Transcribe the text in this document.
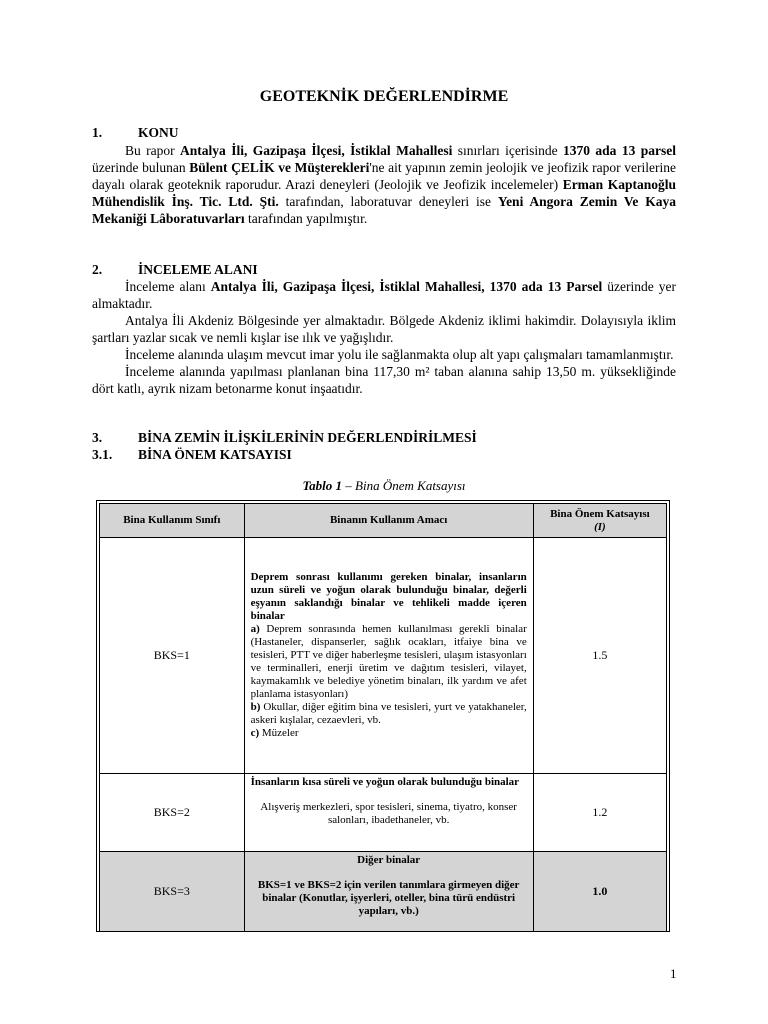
GEOTEKNİK DEĞERLENDİRME
1.	KONU

Bu rapor Antalya İli, Gazipaşa İlçesi, İstiklal Mahallesi sınırları içerisinde 1370 ada 13 parsel üzerinde bulunan Bülent ÇELİK ve Müşterekleri'ne ait yapının zemin jeolojik ve jeofizik rapor verilerine dayalı olarak geoteknik raporudur. Arazi deneyleri (Jeolojik ve Jeofizik incelemeler) Erman Kaptanoğlu Mühendislik İnş. Tic. Ltd. Şti. tarafından, laboratuvar deneyleri ise Yeni Angora Zemin Ve Kaya Mekaniği Lâboratuvarları tarafından yapılmıştır.

2.	İNCELEME ALANI

İnceleme alanı Antalya İli, Gazipaşa İlçesi, İstiklal Mahallesi, 1370 ada 13 Parsel üzerinde yer almaktadır.

Antalya İli Akdeniz Bölgesinde yer almaktadır. Bölgede Akdeniz iklimi hakimdir. Dolayısıyla iklim şartları yazlar sıcak ve nemli kışlar ise ılık ve yağışlıdır.

İnceleme alanında ulaşım mevcut imar yolu ile sağlanmakta olup alt yapı çalışmaları tamamlanmıştır.

İnceleme alanında yapılması planlanan bina 117,30 m² taban alanına sahip 13,50 m. yüksekliğinde dört katlı, ayrık nizam betonarme konut inşaatıdır.

3.	BİNA ZEMİN İLİŞKİLERİNİN DEĞERLENDİRİLMESİ
3.1. BİNA ÖNEM KATSAYISI
Tablo 1 – Bina Önem Katsayısı
Bina Kullanım Sınıfı	Binanın Kullanım Amacı	Bina Önem Katsayısı
(I)
BKS=1	Deprem sonrası kullanımı gereken binalar, insanların uzun süreli ve yoğun olarak bulunduğu binalar, değerli eşyanın saklandığı binalar ve tehlikeli madde içeren binalar
a) Deprem sonrasında hemen kullanılması gerekli binalar (Hastaneler, dispanserler, sağlık ocakları, itfaiye bina ve tesisleri, PTT ve diğer haberleşme tesisleri, ulaşım istasyonları ve terminalleri, enerji üretim ve dağıtım tesisleri, vilayet, kaymakamlık ve belediye yönetim binaları, ilk yardım ve afet planlama istasyonları)
b) Okullar, diğer eğitim bina ve tesisleri, yurt ve yatakhaneler, askeri kışlalar, cezaevleri, vb.
c) Müzeler	1.5
BKS=2	İnsanların kısa süreli ve yoğun olarak bulunduğu binalar
Alışveriş merkezleri, spor tesisleri, sinema, tiyatro, konser salonları, ibadethaneler, vb.	1.2
BKS=3	Diğer binalar
BKS=1 ve BKS=2 için verilen tanımlara girmeyen diğer binalar (Konutlar, işyerleri, oteller, bina türü endüstri yapıları, vb.)	1.0
1
